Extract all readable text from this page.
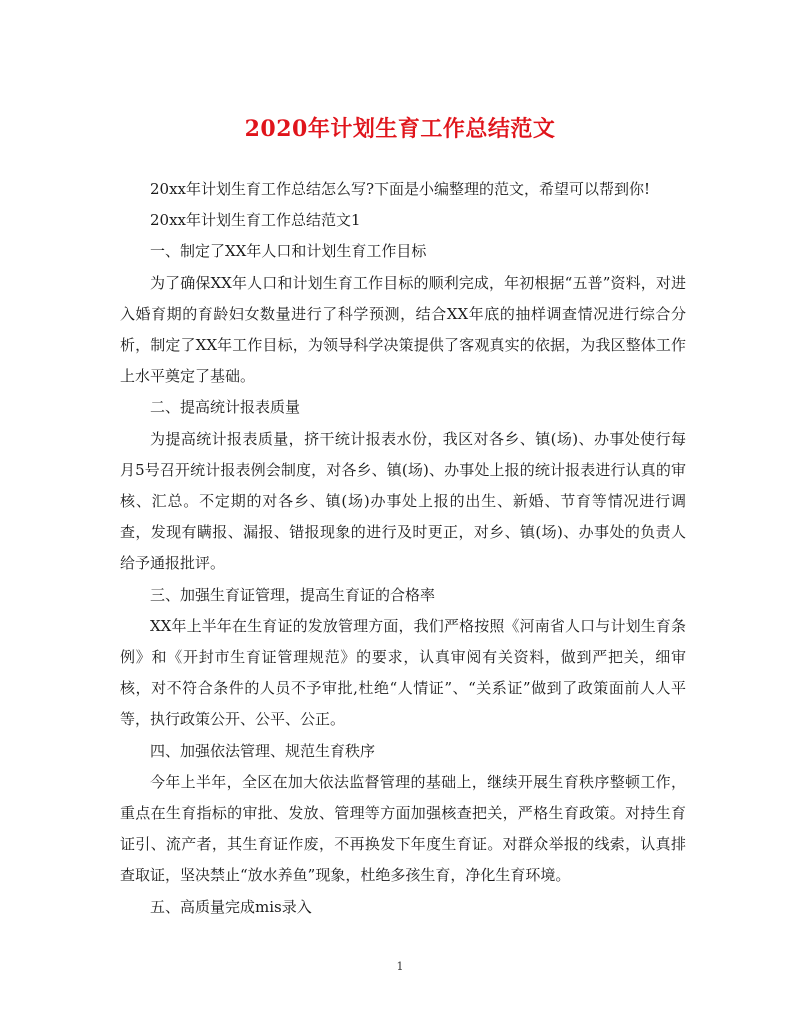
2020年计划生育工作总结范文

20xx年计划生育工作总结怎么写?下面是小编整理的范文，希望可以帮到你!

20xx年计划生育工作总结范文1

一、制定了XX年人口和计划生育工作目标

为了确保XX年人口和计划生育工作目标的顺利完成，年初根据“五普”资料，对进入婚育期的育龄妇女数量进行了科学预测，结合XX年底的抽样调查情况进行综合分析，制定了XX年工作目标，为领导科学决策提供了客观真实的依据，为我区整体工作上水平奠定了基础。

二、提高统计报表质量

为提高统计报表质量，挤干统计报表水份，我区对各乡、镇(场)、办事处使行每月5号召开统计报表例会制度，对各乡、镇(场)、办事处上报的统计报表进行认真的审核、汇总。不定期的对各乡、镇(场)办事处上报的出生、新婚、节育等情况进行调查，发现有瞒报、漏报、错报现象的进行及时更正，对乡、镇(场)、办事处的负责人给予通报批评。

三、加强生育证管理，提高生育证的合格率

XX年上半年在生育证的发放管理方面，我们严格按照《河南省人口与计划生育条例》和《开封市生育证管理规范》的要求，认真审阅有关资料，做到严把关，细审核，对不符合条件的人员不予审批,杜绝“人情证”、“关系证”做到了政策面前人人平等，执行政策公开、公平、公正。

四、加强依法管理、规范生育秩序

今年上半年，全区在加大依法监督管理的基础上，继续开展生育秩序整顿工作，重点在生育指标的审批、发放、管理等方面加强核查把关，严格生育政策。对持生育证引、流产者，其生育证作废，不再换发下年度生育证。对群众举报的线索，认真排查取证，坚决禁止“放水养鱼”现象，杜绝多孩生育，净化生育环境。

五、高质量完成mis录入

1
